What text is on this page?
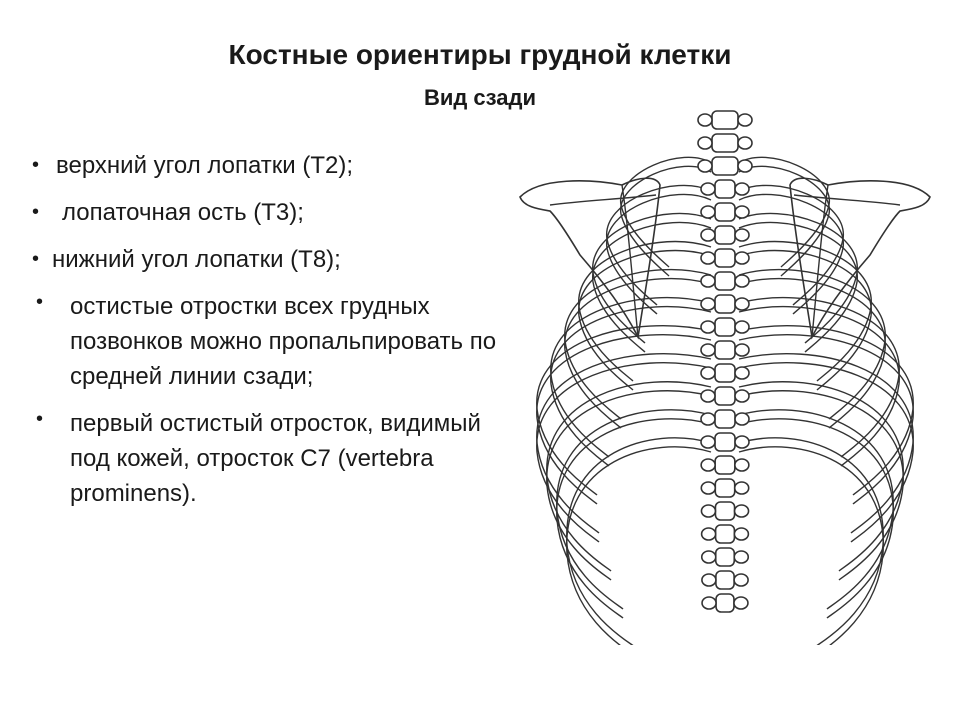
Костные ориентиры грудной клетки
Вид сзади
• верхний угол лопатки (Т2);
• лопаточная ость (Т3);
• нижний угол лопатки (Т8);
• остистые отростки всех грудных позвонков можно пропальпировать по средней линии сзади;
• первый остистый отросток, видимый под кожей, отросток С7 (vertebra prominens).
